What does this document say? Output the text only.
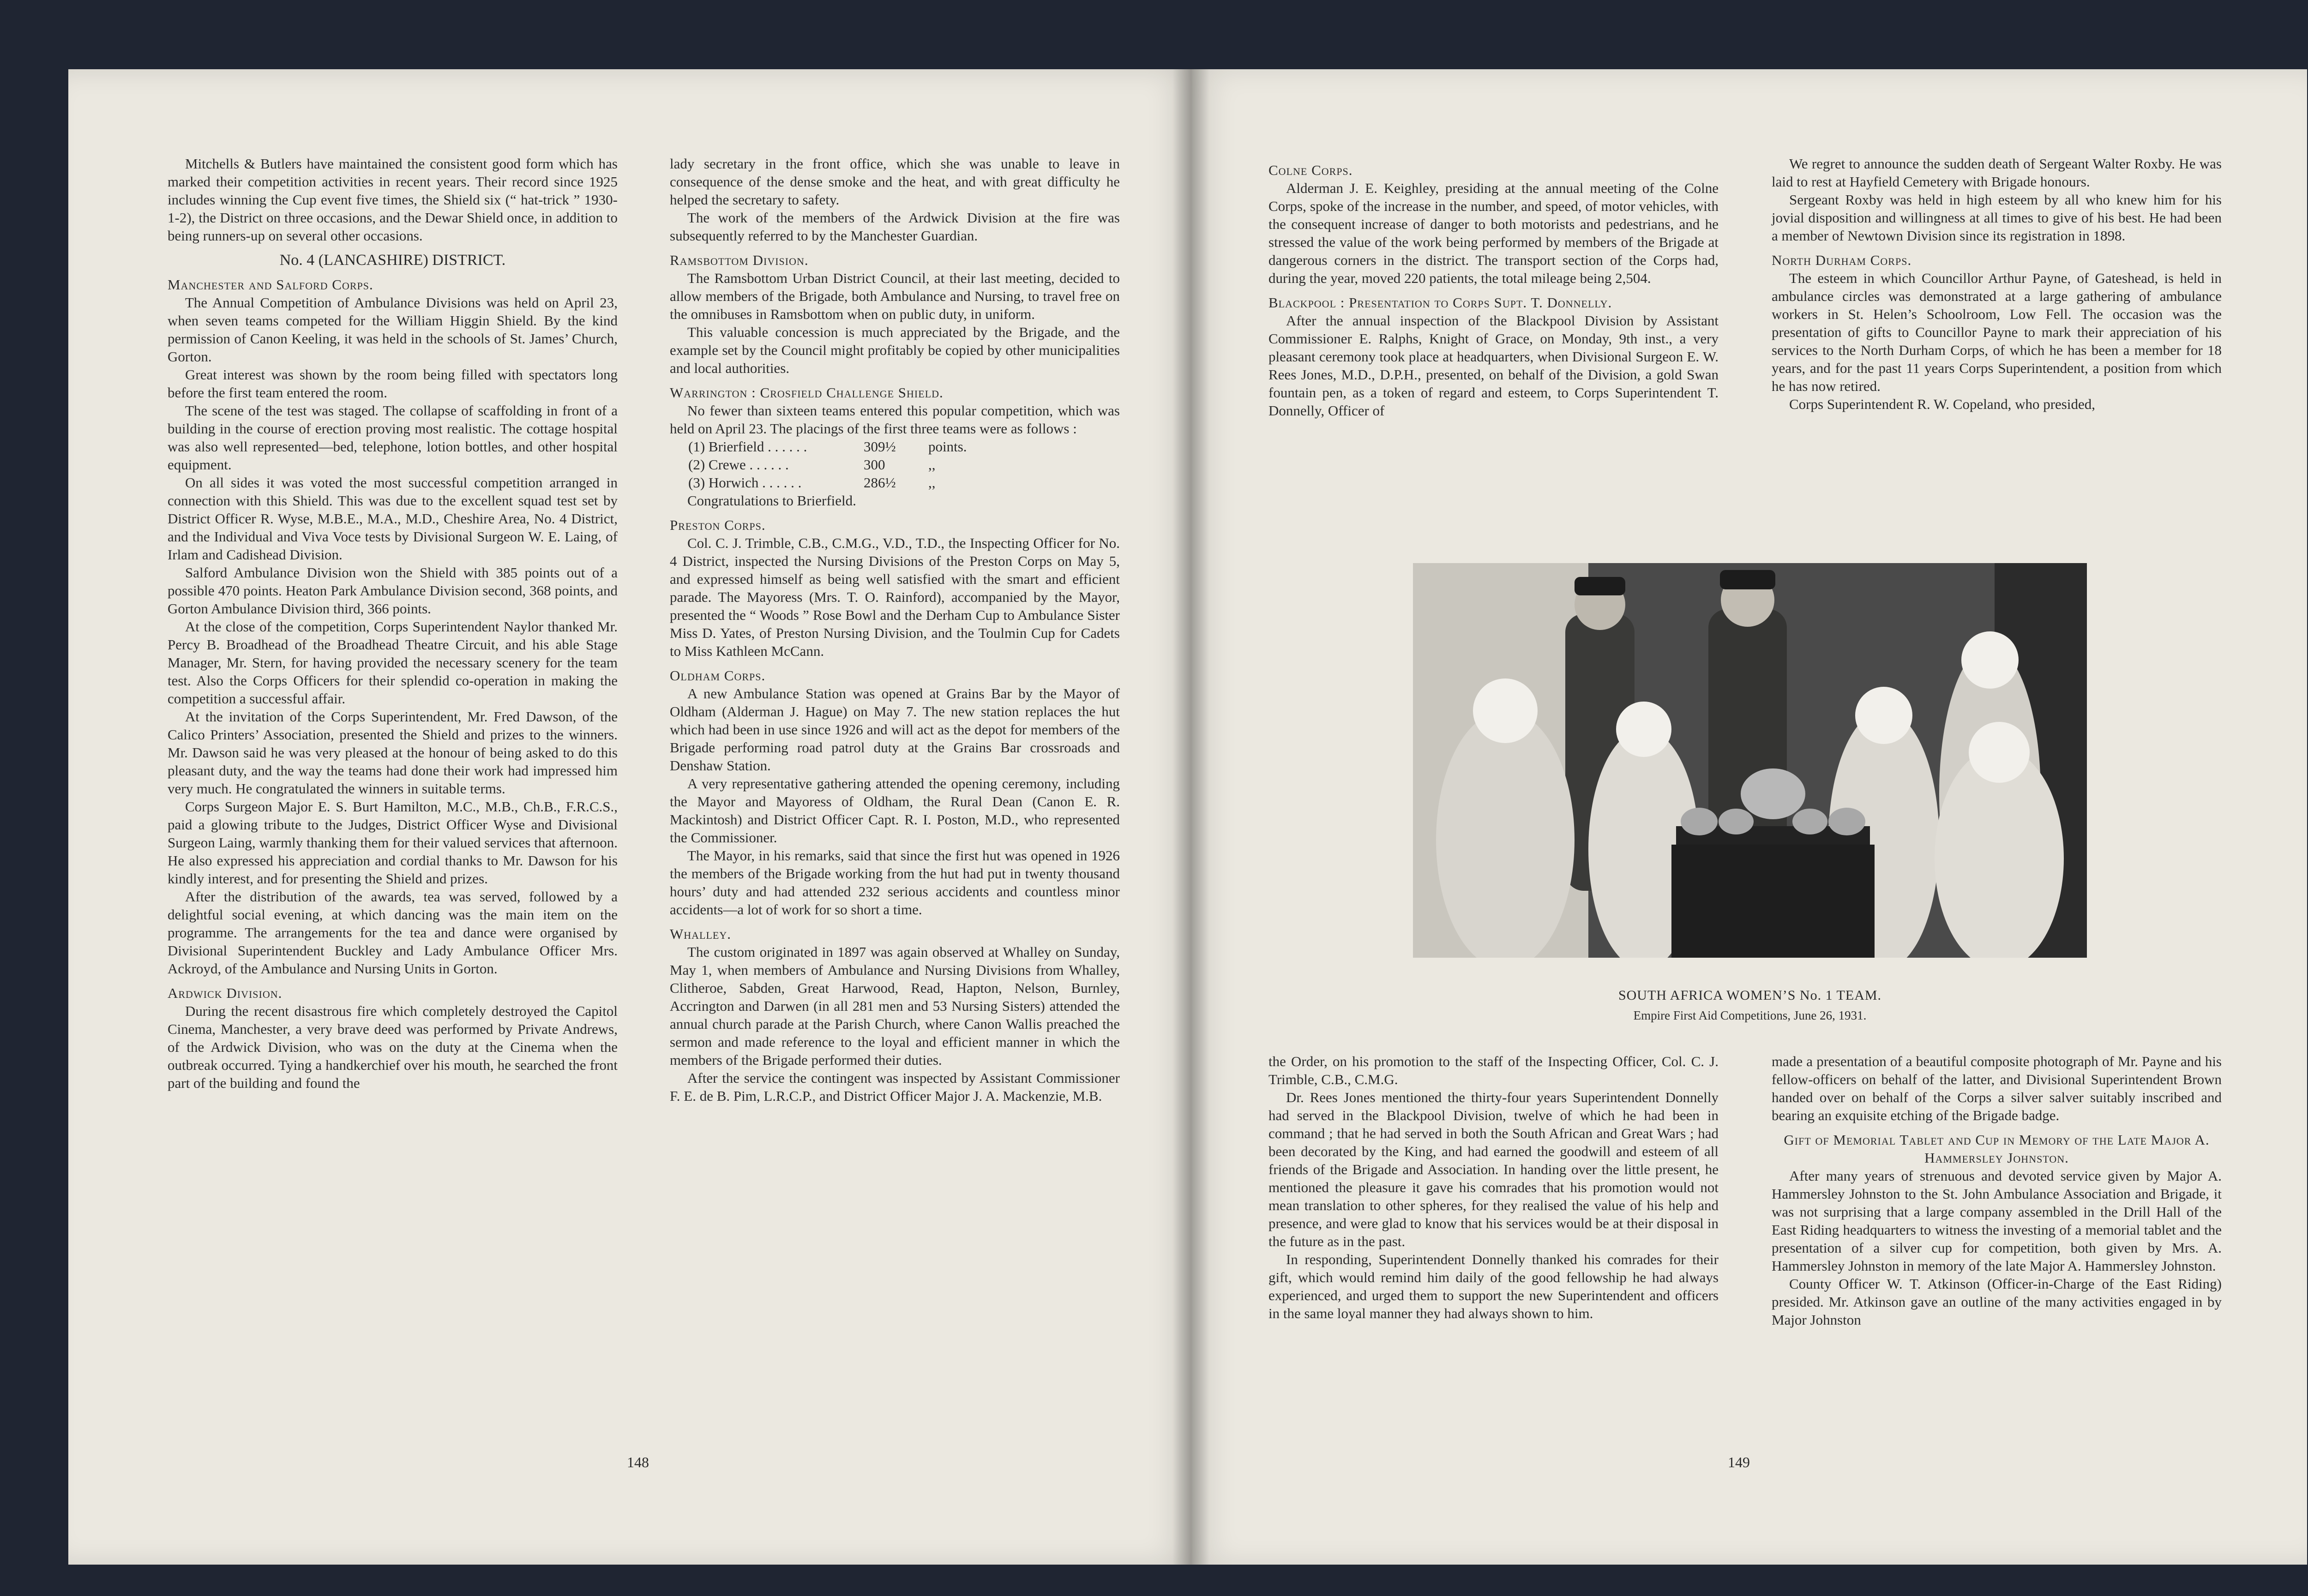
Mitchells & Butlers have maintained the consistent good form which has marked their competition activities in recent years. Their record since 1925 includes winning the Cup event five times, the Shield six (“ hat-trick ” 1930-1-2), the District on three occasions, and the Dewar Shield once, in addition to being runners-up on several other occasions.

No. 4 (LANCASHIRE) DISTRICT.
Manchester and Salford Corps.

The Annual Competition of Ambulance Divisions was held on April 23, when seven teams competed for the William Higgin Shield. By the kind permission of Canon Keeling, it was held in the schools of St. James’ Church, Gorton.

Great interest was shown by the room being filled with spectators long before the first team entered the room.

The scene of the test was staged. The collapse of scaffolding in front of a building in the course of erection proving most realistic. The cottage hospital was also well represented—bed, telephone, lotion bottles, and other hospital equipment.

On all sides it was voted the most successful competition arranged in connection with this Shield. This was due to the excellent squad test set by District Officer R. Wyse, M.B.E., M.A., M.D., Cheshire Area, No. 4 District, and the Individual and Viva Voce tests by Divisional Surgeon W. E. Laing, of Irlam and Cadishead Division.

Salford Ambulance Division won the Shield with 385 points out of a possible 470 points. Heaton Park Ambulance Division second, 368 points, and Gorton Ambulance Division third, 366 points.

At the close of the competition, Corps Superintendent Naylor thanked Mr. Percy B. Broadhead of the Broadhead Theatre Circuit, and his able Stage Manager, Mr. Stern, for having provided the necessary scenery for the team test. Also the Corps Officers for their splendid co-operation in making the competition a successful affair.

At the invitation of the Corps Superintendent, Mr. Fred Dawson, of the Calico Printers’ Association, presented the Shield and prizes to the winners. Mr. Dawson said he was very pleased at the honour of being asked to do this pleasant duty, and the way the teams had done their work had impressed him very much. He congratulated the winners in suitable terms.

Corps Surgeon Major E. S. Burt Hamilton, M.C., M.B., Ch.B., F.R.C.S., paid a glowing tribute to the Judges, District Officer Wyse and Divisional Surgeon Laing, warmly thanking them for their valued services that afternoon. He also expressed his appreciation and cordial thanks to Mr. Dawson for his kindly interest, and for presenting the Shield and prizes.

After the distribution of the awards, tea was served, followed by a delightful social evening, at which dancing was the main item on the programme. The arrangements for the tea and dance were organised by Divisional Superintendent Buckley and Lady Ambulance Officer Mrs. Ackroyd, of the Ambulance and Nursing Units in Gorton.

Ardwick Division.

During the recent disastrous fire which completely destroyed the Capitol Cinema, Manchester, a very brave deed was performed by Private Andrews, of the Ardwick Division, who was on the duty at the Cinema when the outbreak occurred. Tying a handkerchief over his mouth, he searched the front part of the building and found the

lady secretary in the front office, which she was unable to leave in consequence of the dense smoke and the heat, and with great difficulty he helped the secretary to safety.

The work of the members of the Ardwick Division at the fire was subsequently referred to by the Manchester Guardian.

Ramsbottom Division.

The Ramsbottom Urban District Council, at their last meeting, decided to allow members of the Brigade, both Ambulance and Nursing, to travel free on the omnibuses in Ramsbottom when on public duty, in uniform.

This valuable concession is much appreciated by the Brigade, and the example set by the Council might profitably be copied by other municipalities and local authorities.

Warrington : Crosfield Challenge Shield.

No fewer than sixteen teams entered this popular competition, which was held on April 23. The placings of the first three teams were as follows :

(1) Brierfield . . . . . .	309½	points.
(2) Crewe . . . . . .	300	,,
(3) Horwich . . . . . .	286½	,,

Congratulations to Brierfield.

Preston Corps.

Col. C. J. Trimble, C.B., C.M.G., V.D., T.D., the Inspecting Officer for No. 4 District, inspected the Nursing Divisions of the Preston Corps on May 5, and expressed himself as being well satisfied with the smart and efficient parade. The Mayoress (Mrs. T. O. Rainford), accompanied by the Mayor, presented the “ Woods ” Rose Bowl and the Derham Cup to Ambulance Sister Miss D. Yates, of Preston Nursing Division, and the Toulmin Cup for Cadets to Miss Kathleen McCann.

Oldham Corps.

A new Ambulance Station was opened at Grains Bar by the Mayor of Oldham (Alderman J. Hague) on May 7. The new station replaces the hut which had been in use since 1926 and will act as the depot for members of the Brigade performing road patrol duty at the Grains Bar crossroads and Denshaw Station.

A very representative gathering attended the opening ceremony, including the Mayor and Mayoress of Oldham, the Rural Dean (Canon E. R. Mackintosh) and District Officer Capt. R. I. Poston, M.D., who represented the Commissioner.

The Mayor, in his remarks, said that since the first hut was opened in 1926 the members of the Brigade working from the hut had put in twenty thousand hours’ duty and had attended 232 serious accidents and countless minor accidents—a lot of work for so short a time.

Whalley.

The custom originated in 1897 was again observed at Whalley on Sunday, May 1, when members of Ambulance and Nursing Divisions from Whalley, Clitheroe, Sabden, Great Harwood, Read, Hapton, Nelson, Burnley, Accrington and Darwen (in all 281 men and 53 Nursing Sisters) attended the annual church parade at the Parish Church, where Canon Wallis preached the sermon and made reference to the loyal and efficient manner in which the members of the Brigade performed their duties.

After the service the contingent was inspected by Assistant Commissioner F. E. de B. Pim, L.R.C.P., and District Officer Major J. A. Mackenzie, M.B.

148
Colne Corps.

Alderman J. E. Keighley, presiding at the annual meeting of the Colne Corps, spoke of the increase in the number, and speed, of motor vehicles, with the consequent increase of danger to both motorists and pedestrians, and he stressed the value of the work being performed by members of the Brigade at dangerous corners in the district. The transport section of the Corps had, during the year, moved 220 patients, the total mileage being 2,504.

Blackpool : Presentation to Corps Supt. T. Donnelly.

After the annual inspection of the Blackpool Division by Assistant Commissioner E. Ralphs, Knight of Grace, on Monday, 9th inst., a very pleasant ceremony took place at headquarters, when Divisional Surgeon E. W. Rees Jones, M.D., D.P.H., presented, on behalf of the Division, a gold Swan fountain pen, as a token of regard and esteem, to Corps Superintendent T. Donnelly, Officer of

We regret to announce the sudden death of Sergeant Walter Roxby. He was laid to rest at Hayfield Cemetery with Brigade honours.

Sergeant Roxby was held in high esteem by all who knew him for his jovial disposition and willingness at all times to give of his best. He had been a member of Newtown Division since its registration in 1898.

North Durham Corps.

The esteem in which Councillor Arthur Payne, of Gateshead, is held in ambulance circles was demonstrated at a large gathering of ambulance workers in St. Helen’s Schoolroom, Low Fell. The occasion was the presentation of gifts to Councillor Payne to mark their appreciation of his services to the North Durham Corps, of which he has been a member for 18 years, and for the past 11 years Corps Superintendent, a position from which he has now retired.

Corps Superintendent R. W. Copeland, who presided,

SOUTH AFRICA WOMEN’S No. 1 TEAM.
Empire First Aid Competitions, June 26, 1931.

the Order, on his promotion to the staff of the Inspecting Officer, Col. C. J. Trimble, C.B., C.M.G.

Dr. Rees Jones mentioned the thirty-four years Superintendent Donnelly had served in the Blackpool Division, twelve of which he had been in command ; that he had served in both the South African and Great Wars ; had been decorated by the King, and had earned the goodwill and esteem of all friends of the Brigade and Association. In handing over the little present, he mentioned the pleasure it gave his comrades that his promotion would not mean translation to other spheres, for they realised the value of his help and presence, and were glad to know that his services would be at their disposal in the future as in the past.

In responding, Superintendent Donnelly thanked his comrades for their gift, which would remind him daily of the good fellowship he had always experienced, and urged them to support the new Superintendent and officers in the same loyal manner they had always shown to him.

made a presentation of a beautiful composite photograph of Mr. Payne and his fellow-officers on behalf of the latter, and Divisional Superintendent Brown handed over on behalf of the Corps a silver salver suitably inscribed and bearing an exquisite etching of the Brigade badge.

Gift of Memorial Tablet and Cup in Memory of the Late Major A. Hammersley Johnston.

After many years of strenuous and devoted service given by Major A. Hammersley Johnston to the St. John Ambulance Association and Brigade, it was not surprising that a large company assembled in the Drill Hall of the East Riding headquarters to witness the investing of a memorial tablet and the presentation of a silver cup for competition, both given by Mrs. A. Hammersley Johnston in memory of the late Major A. Hammersley Johnston.

County Officer W. T. Atkinson (Officer-in-Charge of the East Riding) presided. Mr. Atkinson gave an outline of the many activities engaged in by Major Johnston

149
